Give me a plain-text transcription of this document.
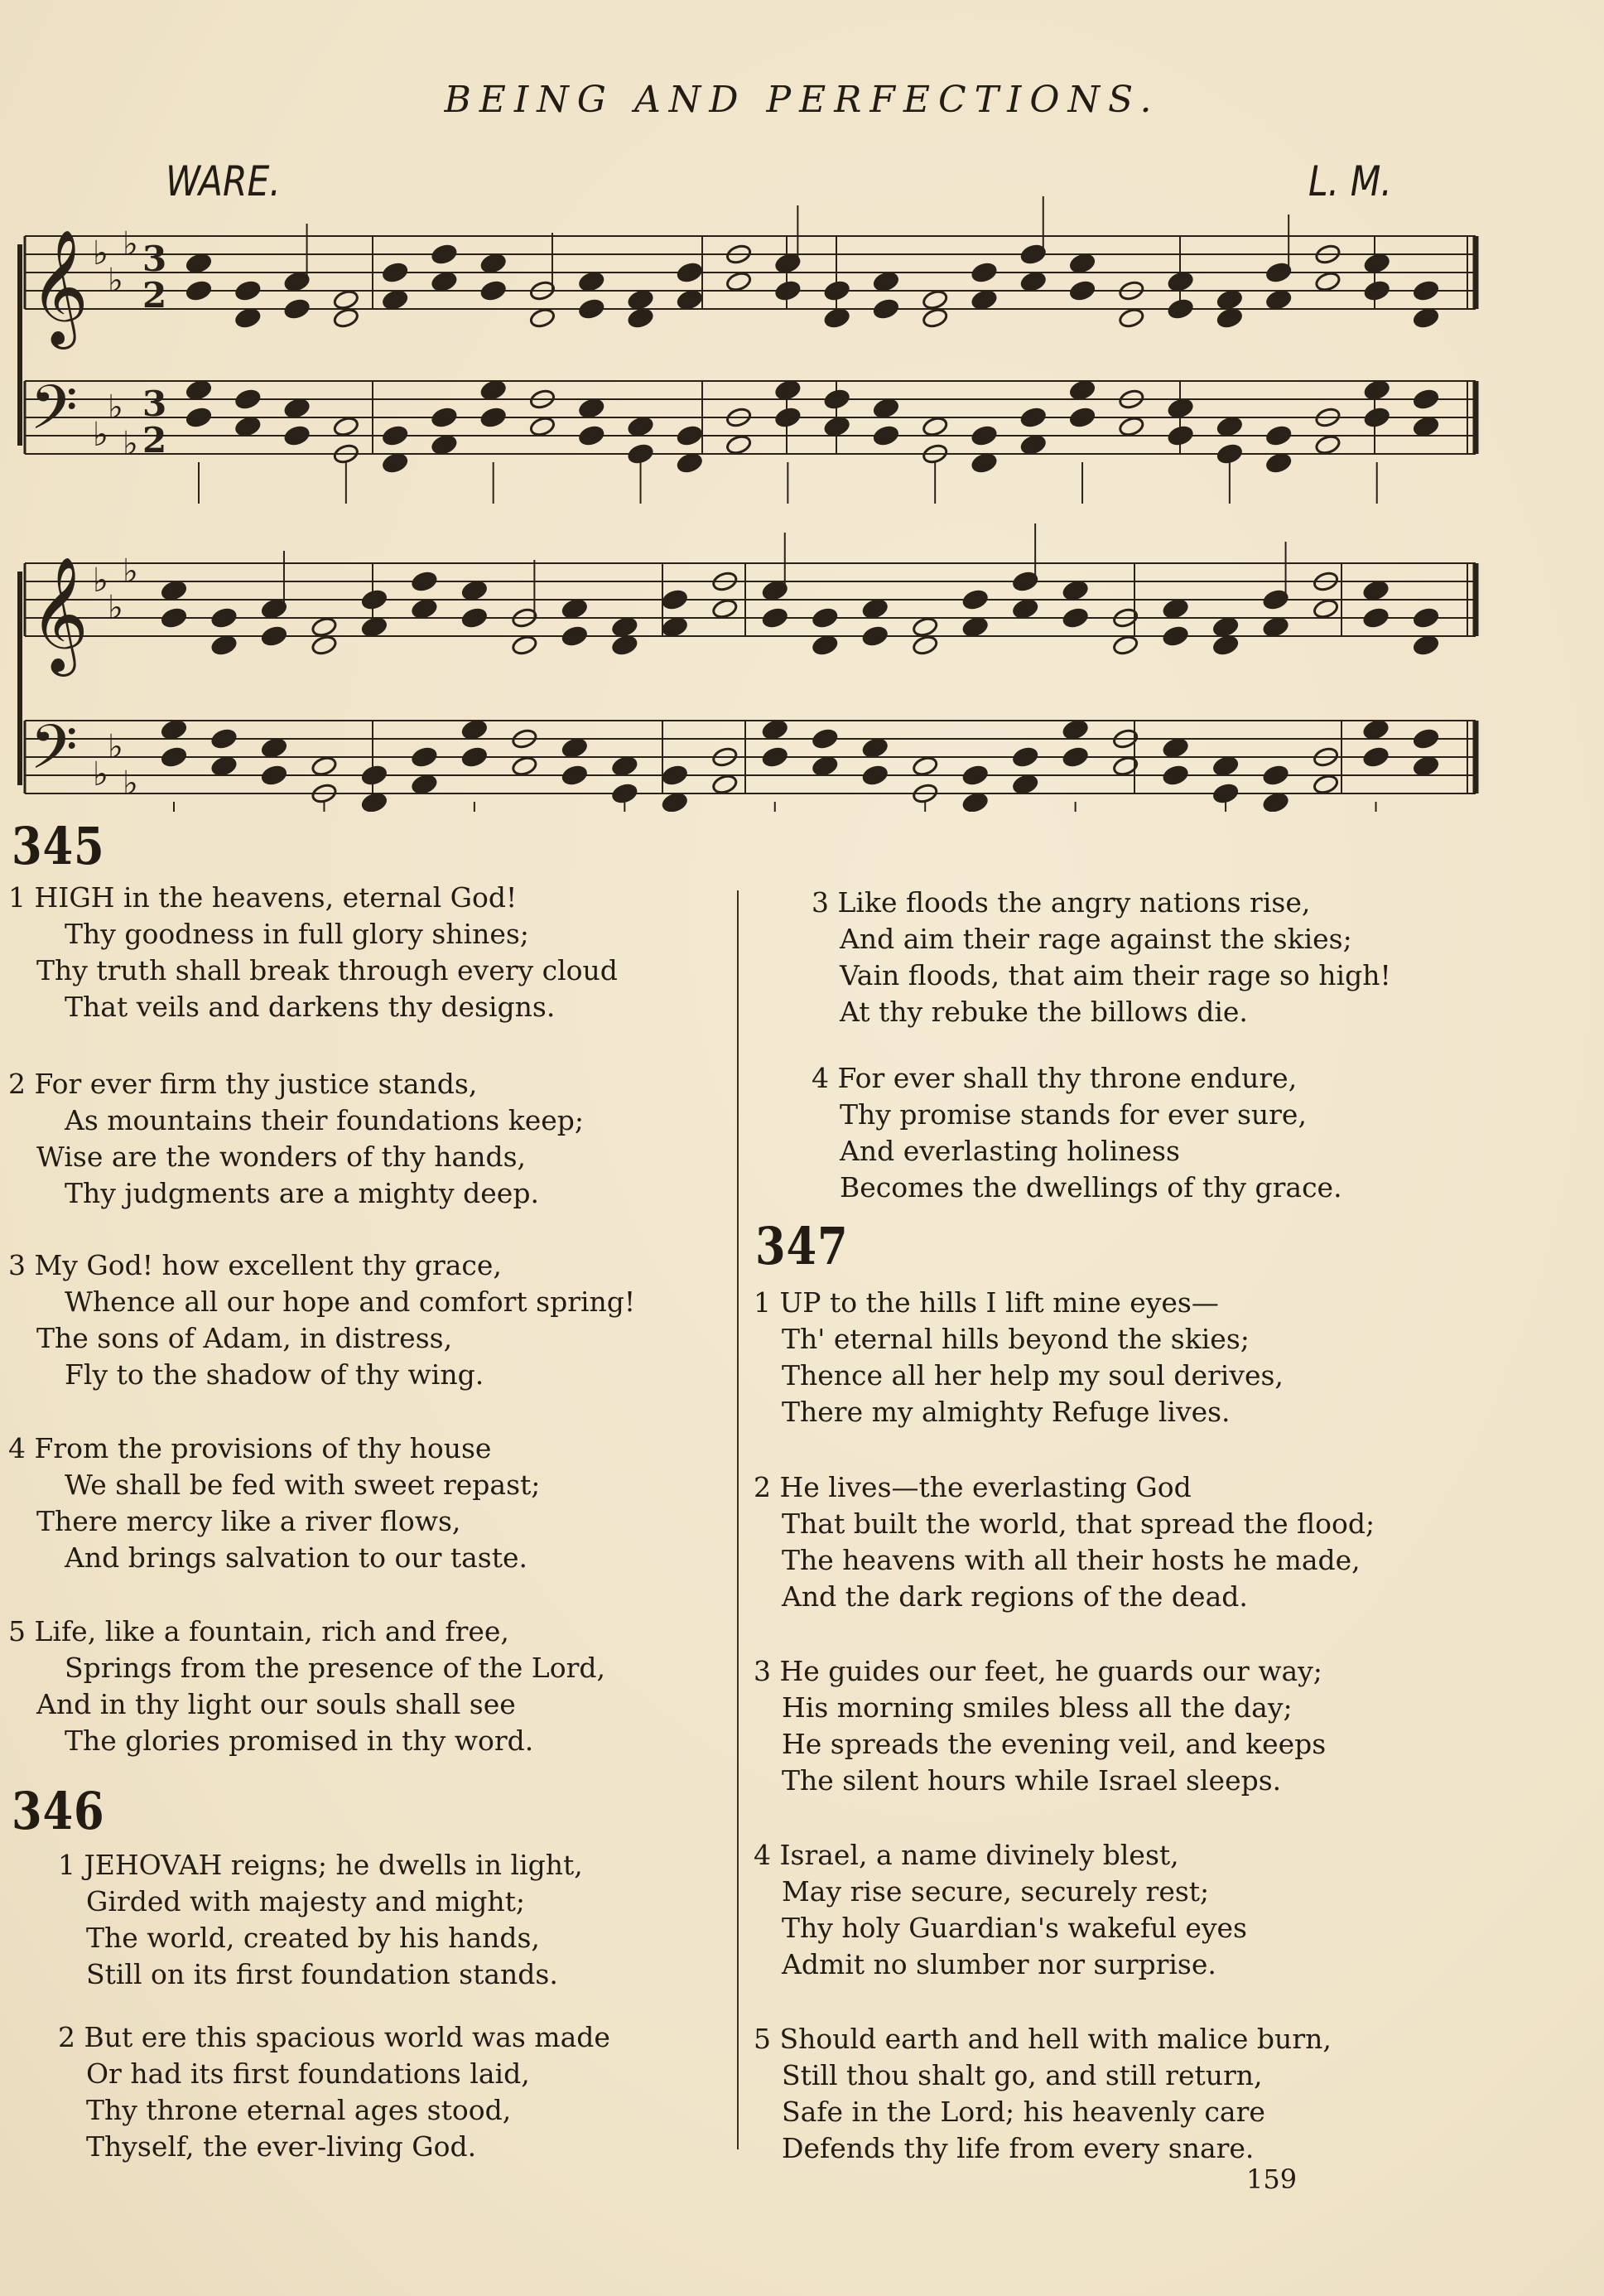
BEING AND PERFECTIONS.
WARE.	L. M.
𝄞 ♭
♭
♭ 3
2
𝄢 ♭
♭
♭
3
2
𝄞 ♭
♭
♭
𝄢 ♭
♭
♭
345
1 HIGH in the heavens, eternal God!
Thy goodness in full glory shines;
Thy truth shall break through every cloud
That veils and darkens thy designs.
2 For ever firm thy justice stands,
As mountains their foundations keep;
Wise are the wonders of thy hands,
Thy judgments are a mighty deep.
3 My God! how excellent thy grace,
Whence all our hope and comfort spring!
The sons of Adam, in distress,
Fly to the shadow of thy wing.
4 From the provisions of thy house
We shall be fed with sweet repast;
There mercy like a river flows,
And brings salvation to our taste.
5 Life, like a fountain, rich and free,
Springs from the presence of the Lord,
And in thy light our souls shall see
The glories promised in thy word.
346
1 JEHOVAH reigns; he dwells in light,
Girded with majesty and might;
The world, created by his hands,
Still on its first foundation stands.
2 But ere this spacious world was made
Or had its first foundations laid,
Thy throne eternal ages stood,
Thyself, the ever-living God.
3 Like floods the angry nations rise,
And aim their rage against the skies;
Vain floods, that aim their rage so high!
At thy rebuke the billows die.
4 For ever shall thy throne endure,
Thy promise stands for ever sure,
And everlasting holiness
Becomes the dwellings of thy grace.
347
1 UP to the hills I lift mine eyes—
Th' eternal hills beyond the skies;
Thence all her help my soul derives,
There my almighty Refuge lives.
2 He lives—the everlasting God
That built the world, that spread the flood;
The heavens with all their hosts he made,
And the dark regions of the dead.
3 He guides our feet, he guards our way;
His morning smiles bless all the day;
He spreads the evening veil, and keeps
The silent hours while Israel sleeps.
4 Israel, a name divinely blest,
May rise secure, securely rest;
Thy holy Guardian's wakeful eyes
Admit no slumber nor surprise.
5 Should earth and hell with malice burn,
Still thou shalt go, and still return,
Safe in the Lord; his heavenly care
Defends thy life from every snare.
159
